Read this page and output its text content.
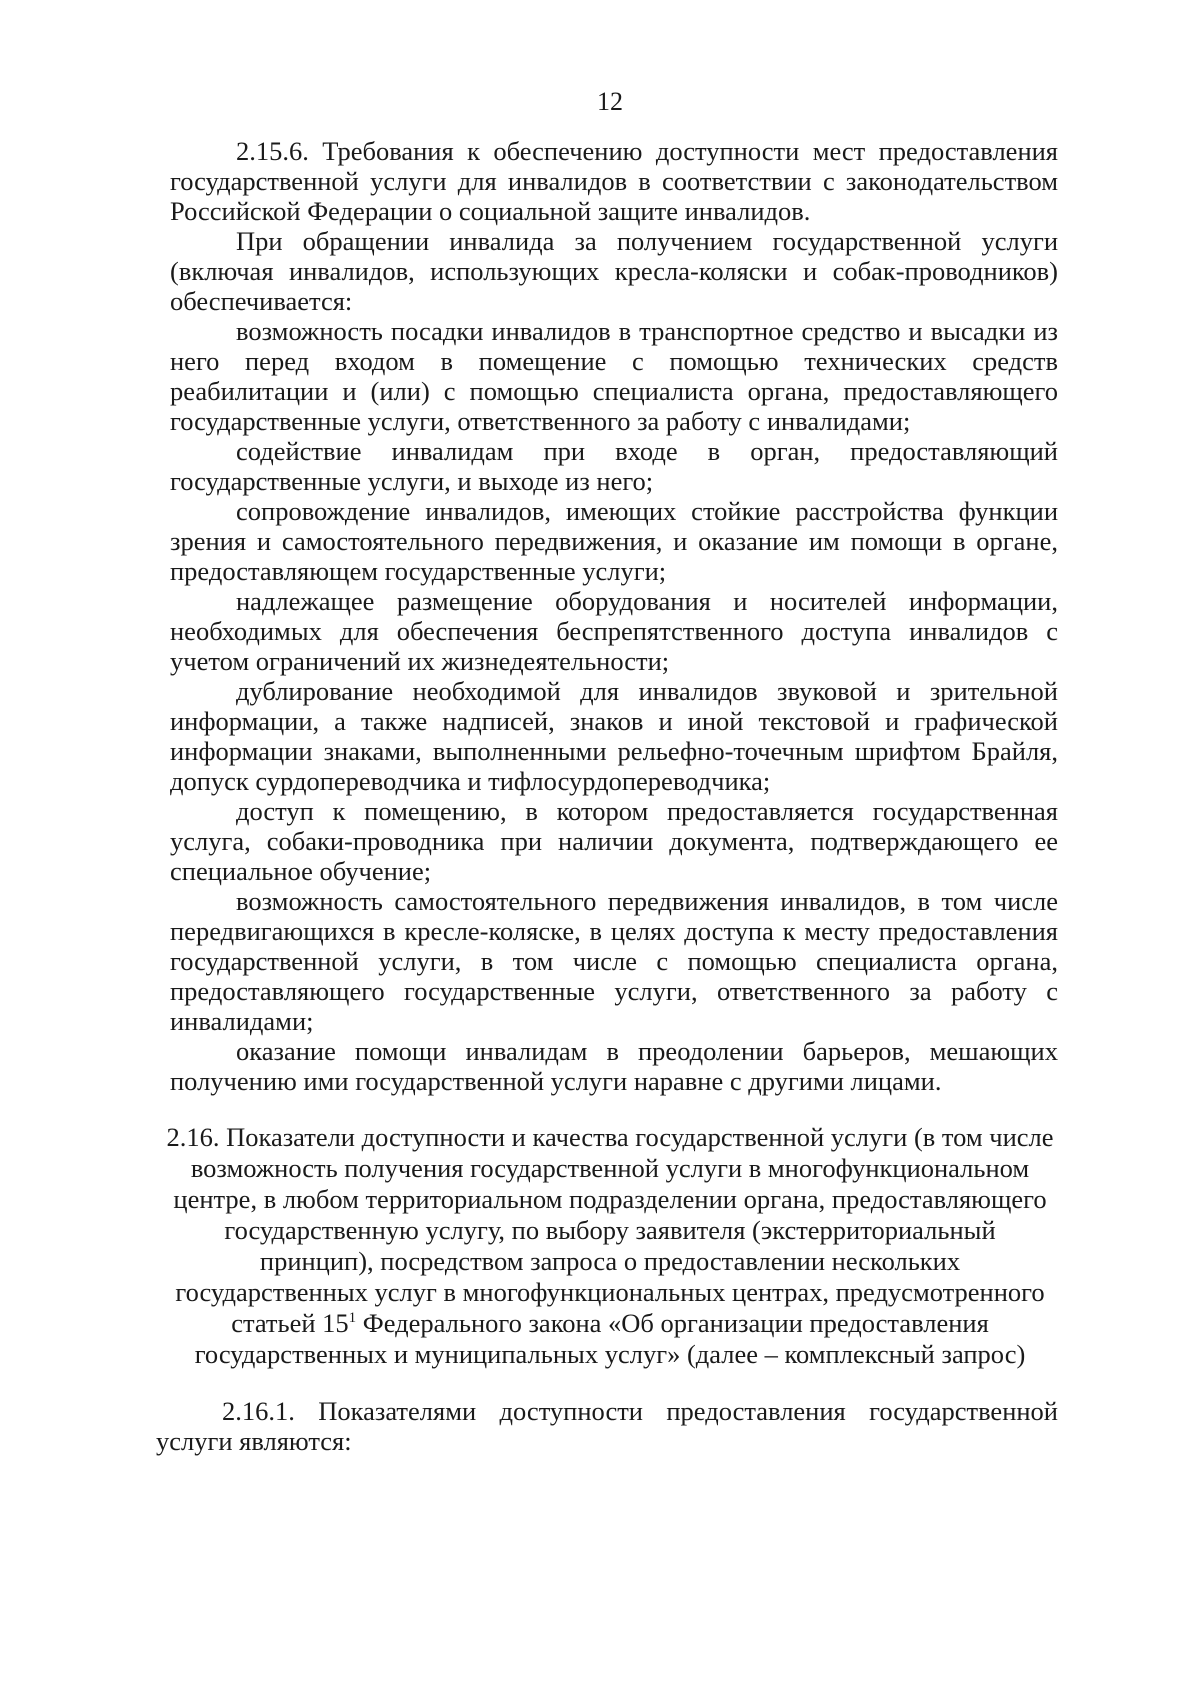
12

2.15.6. Требования к обеспечению доступности мест предоставления государственной услуги для инвалидов в соответствии с законодательством Российской Федерации о социальной защите инвалидов.

При обращении инвалида за получением государственной услуги (включая инвалидов, использующих кресла-коляски и собак-проводников) обеспечивается:

возможность посадки инвалидов в транспортное средство и высадки из него перед входом в помещение с помощью технических средств реабилитации и (или) с помощью специалиста органа, предоставляющего государственные услуги, ответственного за работу с инвалидами;

содействие инвалидам при входе в орган, предоставляющий государственные услуги, и выходе из него;

сопровождение инвалидов, имеющих стойкие расстройства функции зрения и самостоятельного передвижения, и оказание им помощи в органе, предоставляющем государственные услуги;

надлежащее размещение оборудования и носителей информации, необходимых для обеспечения беспрепятственного доступа инвалидов с учетом ограничений их жизнедеятельности;

дублирование необходимой для инвалидов звуковой и зрительной информации, а также надписей, знаков и иной текстовой и графической информации знаками, выполненными рельефно-точечным шрифтом Брайля, допуск сурдопереводчика и тифлосурдопереводчика;

доступ к помещению, в котором предоставляется государственная услуга, собаки-проводника при наличии документа, подтверждающего ее специальное обучение;

возможность самостоятельного передвижения инвалидов, в том числе передвигающихся в кресле-коляске, в целях доступа к месту предоставления государственной услуги, в том числе с помощью специалиста органа, предоставляющего государственные услуги, ответственного за работу с инвалидами;

оказание помощи инвалидам в преодолении барьеров, мешающих получению ими государственной услуги наравне с другими лицами.

2.16. Показатели доступности и качества государственной услуги (в том числе возможность получения государственной услуги в многофункциональном центре, в любом территориальном подразделении органа, предоставляющего государственную услугу, по выбору заявителя (экстерриториальный принцип), посредством запроса о предоставлении нескольких государственных услуг в многофункциональных центрах, предусмотренного статьей $15^1$ Федерального закона «Об организации предоставления государственных и муниципальных услуг» (далее – комплексный запрос)

2.16.1. Показателями доступности предоставления государственной услуги являются:
